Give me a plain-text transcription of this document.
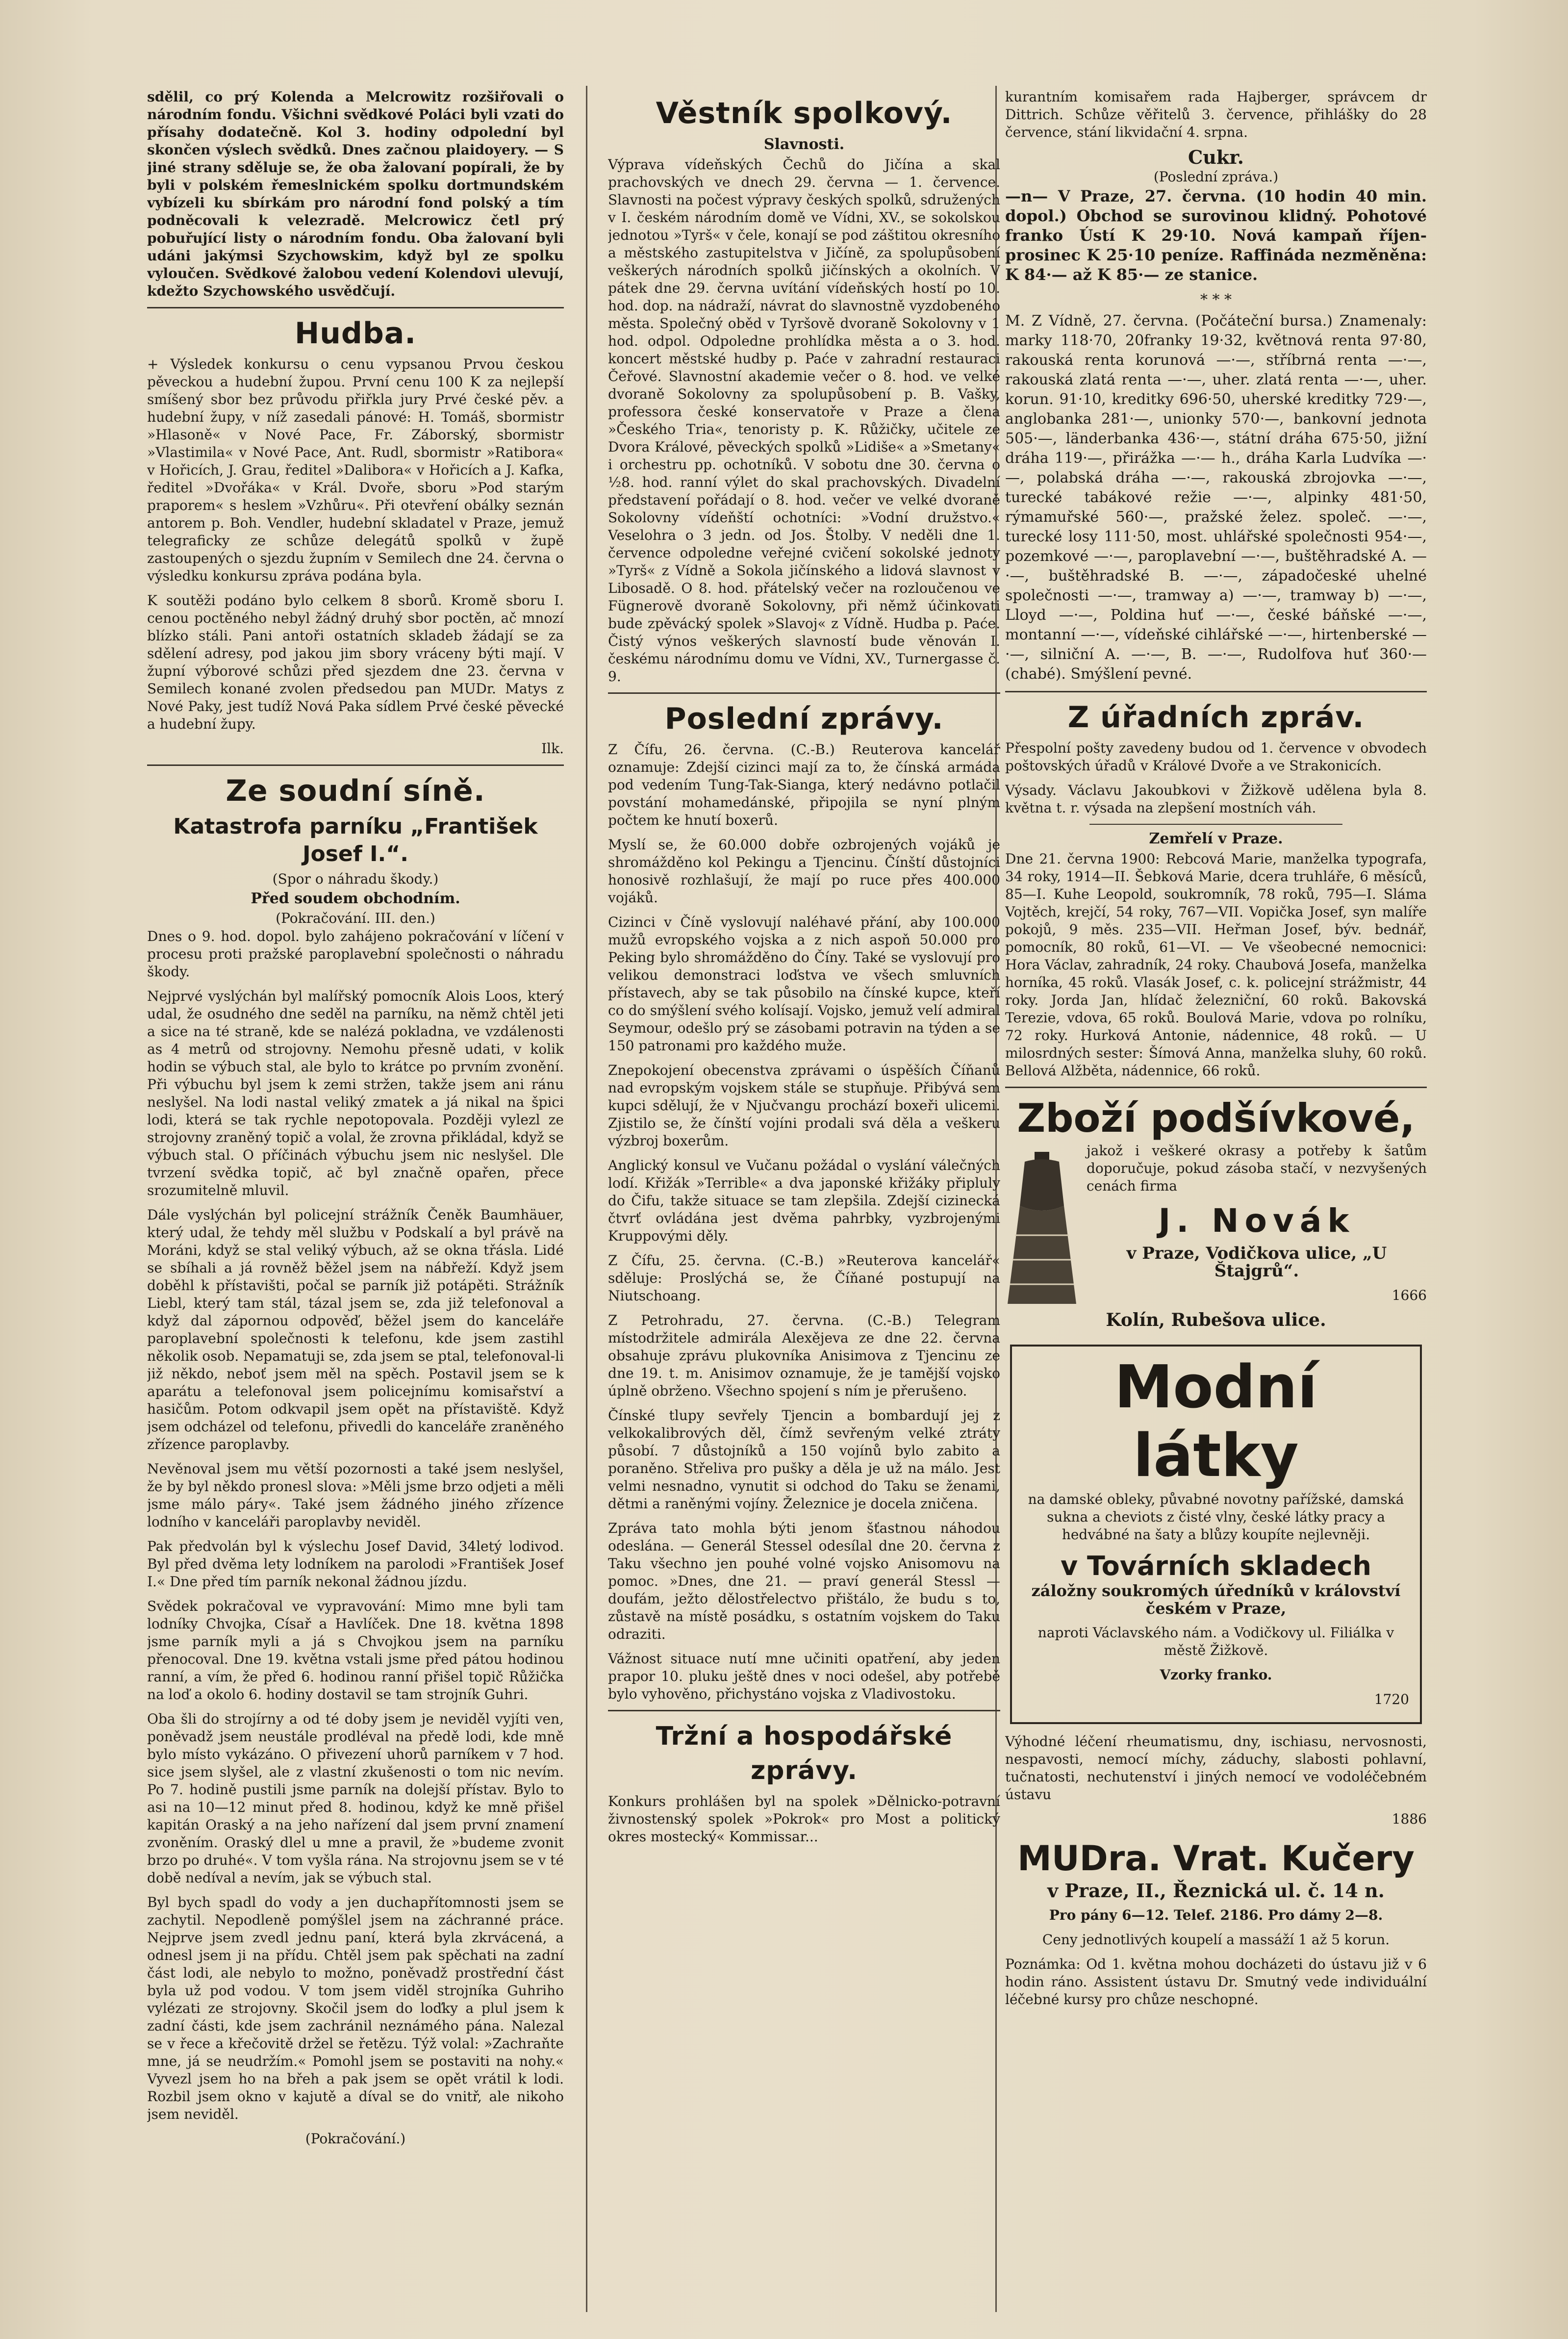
sdělil, co prý Kolenda a Melcrowitz rozšiřovali o národním fondu. Všichni svědkové Poláci byli vzati do přísahy dodatečně. Kol 3. hodiny odpolední byl skončen výslech svědků. Dnes začnou plaidoyery. — S jiné strany sděluje se, že oba žalovaní popírali, že by byli v polském řemeslnickém spolku dortmundském vybízeli ku sbírkám pro národní fond polský a tím podněcovali k velezradě. Melcrowicz četl prý pobuřující listy o národním fondu. Oba žalovaní byli udáni jakýmsi Szychowskim, když byl ze spolku vyloučen. Svědkové žalobou vedení Kolendovi ulevují, kdežto Szychowského usvědčují.

Hudba.

+ Výsledek konkursu o cenu vypsanou Prvou českou pěveckou a hudební župou. První cenu 100 K za nejlepší smíšený sbor bez průvodu přiřkla jury Prvé české pěv. a hudební župy, v níž zasedali pánové: H. Tomáš, sbormistr »Hlasoně« v Nové Pace, Fr. Záborský, sbormistr »Vlastimila« v Nové Pace, Ant. Rudl, sbormistr »Ratibora« v Hořicích, J. Grau, ředitel »Dalibora« v Hořicích a J. Kafka, ředitel »Dvořáka« v Král. Dvoře, sboru »Pod starým praporem« s heslem »Vzhůru«. Při otevření obálky seznán antorem p. Boh. Vendler, hudební skladatel v Praze, jemuž telegraficky ze schůze delegátů spolků v župě zastoupených o sjezdu župním v Semilech dne 24. června o výsledku konkursu zpráva podána byla.

K soutěži podáno bylo celkem 8 sborů. Kromě sboru I. cenou poctěného nebyl žádný druhý sbor poctěn, ač mnozí blízko stáli. Pani antoři ostatních skladeb žádají se za sdělení adresy, pod jakou jim sbory vráceny býti mají. V župní výborové schůzi před sjezdem dne 23. června v Semilech konané zvolen předsedou pan MUDr. Matys z Nové Paky, jest tudíž Nová Paka sídlem Prvé české pěvecké a hudební župy.

Ilk.

Ze soudní síně.
Katastrofa parníku „František Josef I.“.
(Spor o náhradu škody.)
Před soudem obchodním.
(Pokračování. III. den.)

Dnes o 9. hod. dopol. bylo zahájeno pokračování v líčení v procesu proti pražské paroplavební společnosti o náhradu škody.

Nejprvé vyslýchán byl malířský pomocník Alois Loos, který udal, že osudného dne seděl na parníku, na němž chtěl jeti a sice na té straně, kde se nalézá pokladna, ve vzdálenosti as 4 metrů od strojovny. Nemohu přesně udati, v kolik hodin se výbuch stal, ale bylo to krátce po prvním zvonění. Při výbuchu byl jsem k zemi stržen, takže jsem ani ránu neslyšel. Na lodi nastal veliký zmatek a já nikal na špici lodi, která se tak rychle nepotopovala. Později vylezl ze strojovny zraněný topič a volal, že zrovna přikládal, když se výbuch stal. O příčinách výbuchu jsem nic neslyšel. Dle tvrzení svědka topič, ač byl značně opařen, přece srozumitelně mluvil.

Dále vyslýchán byl policejní strážník Čeněk Baumhäuer, který udal, že tehdy měl službu v Podskalí a byl právě na Moráni, když se stal veliký výbuch, až se okna třásla. Lidé se sbíhali a já rovněž běžel jsem na nábřeží. Když jsem doběhl k přístavišti, počal se parník již potápěti. Strážník Liebl, který tam stál, tázal jsem se, zda již telefonoval a když dal zápornou odpověď, běžel jsem do kanceláře paroplavební společnosti k telefonu, kde jsem zastihl několik osob. Nepamatuji se, zda jsem se ptal, telefonoval-li již někdo, neboť jsem měl na spěch. Postavil jsem se k aparátu a telefonoval jsem policejnímu komisařství a hasičům. Potom odkvapil jsem opět na přístaviště. Když jsem odcházel od telefonu, přivedli do kanceláře zraněného zřízence paroplavby.

Nevěnoval jsem mu větší pozornosti a také jsem neslyšel, že by byl někdo pronesl slova: »Měli jsme brzo odjeti a měli jsme málo páry«. Také jsem žádného jiného zřízence lodního v kanceláři paroplavby neviděl.

Pak předvolán byl k výslechu Josef David, 34letý lodivod. Byl před dvěma lety lodníkem na parolodi »František Josef I.« Dne před tím parník nekonal žádnou jízdu.

Svědek pokračoval ve vypravování: Mimo mne byli tam lodníky Chvojka, Císař a Havlíček. Dne 18. května 1898 jsme parník myli a já s Chvojkou jsem na parníku přenocoval. Dne 19. května vstali jsme před pátou hodinou ranní, a vím, že před 6. hodinou ranní přišel topič Růžička na loď a okolo 6. hodiny dostavil se tam strojník Guhri.

Oba šli do strojírny a od té doby jsem je neviděl vyjíti ven, poněvadž jsem neustále prodléval na předě lodi, kde mně bylo místo vykázáno. O přivezení uhorů parníkem v 7 hod. sice jsem slyšel, ale z vlastní zkušenosti o tom nic nevím. Po 7. hodině pustili jsme parník na dolejší přístav. Bylo to asi na 10—12 minut před 8. hodinou, když ke mně přišel kapitán Oraský a na jeho nařízení dal jsem první znamení zvoněním. Oraský dlel u mne a pravil, že »budeme zvonit brzo po druhé«. V tom vyšla rána. Na strojovnu jsem se v té době nedíval a nevím, jak se výbuch stal.

Byl bych spadl do vody a jen duchapřítomnosti jsem se zachytil. Nepodleně pomýšlel jsem na záchranné práce. Nejprve jsem zvedl jednu paní, která byla zkrvácená, a odnesl jsem ji na přídu. Chtěl jsem pak spěchati na zadní část lodi, ale nebylo to možno, poněvadž prostřední část byla už pod vodou. V tom jsem viděl strojníka Guhriho vylézati ze strojovny. Skočil jsem do loďky a plul jsem k zadní části, kde jsem zachránil neznámého pána. Nalezal se v řece a křečovitě držel se řetězu. Týž volal: »Zachraňte mne, já se neudržím.« Pomohl jsem se postaviti na nohy.« Vyvezl jsem ho na břeh a pak jsem se opět vrátil k lodi. Rozbil jsem okno v kajutě a díval se do vnitř, ale nikoho jsem neviděl.

(Pokračování.)

Věstník spolkový.
Slavnosti.

Výprava vídeňských Čechů do Jičína a skal prachovských ve dnech 29. června — 1. července. Slavnosti na počest výpravy českých spolků, sdružených v I. českém národním domě ve Vídni, XV., se sokolskou jednotou »Tyrš« v čele, konají se pod záštitou okresního a městského zastupitelstva v Jičíně, za spolupůsobení veškerých národních spolků jičínských a okolních. V pátek dne 29. června uvítání vídeňských hostí po 10. hod. dop. na nádraží, návrat do slavnostně vyzdobeného města. Společný oběd v Tyršově dvoraně Sokolovny v 1 hod. odpol. Odpoledne prohlídka města a o 3. hod. koncert městské hudby p. Paće v zahradní restauraci Čeřové. Slavnostní akademie večer o 8. hod. ve velké dvoraně Sokolovny za spolupůsobení p. B. Vašky, professora české konservatoře v Praze a člena »Českého Tria«, tenoristy p. K. Růžičky, učitele ze Dvora Králové, pěveckých spolků »Lidiše« a »Smetany« i orchestru pp. ochotníků. V sobotu dne 30. června o ½8. hod. ranní výlet do skal prachovských. Divadelní představení pořádají o 8. hod. večer ve velké dvoraně Sokolovny vídeňští ochotníci: »Vodní družstvo.« Veselohra o 3 jedn. od Jos. Štolby. V neděli dne 1. července odpoledne veřejné cvičení sokolské jednoty »Tyrš« z Vídně a Sokola jičínského a lidová slavnost v Libosadě. O 8. hod. přátelský večer na rozloučenou ve Fügnerově dvoraně Sokolovny, při němž účinkovati bude zpěvácký spolek »Slavoj« z Vídně. Hudba p. Paće. Čistý výnos veškerých slavností bude věnován I. českému národnímu domu ve Vídni, XV., Turnergasse č. 9.

Poslední zprávy.

Z Čífu, 26. června. (C.-B.) Reuterova kancelář oznamuje: Zdejší cizinci mají za to, že čínská armáda pod vedením Tung-Tak-Sianga, který nedávno potlačil povstání mohamedánské, připojila se nyní plným počtem ke hnutí boxerů.

Myslí se, že 60.000 dobře ozbrojených vojáků je shromážděno kol Pekingu a Tjencinu. Čínští důstojníci honosivě rozhlašují, že mají po ruce přes 400.000 vojáků.

Cizinci v Číně vyslovují naléhavé přání, aby 100.000 mužů evropského vojska a z nich aspoň 50.000 pro Peking bylo shromážděno do Číny. Také se vyslovují pro velikou demonstraci loďstva ve všech smluvních přístavech, aby se tak působilo na čínské kupce, kteří co do smýšlení svého kolísají. Vojsko, jemuž velí admiral Seymour, odešlo prý se zásobami potravin na týden a se 150 patronami pro každého muže.

Znepokojení obecenstva zprávami o úspěších Číňanů nad evropským vojskem stále se stupňuje. Přibývá sem kupci sdělují, že v Njučvangu prochází boxeři ulicemi. Zjistilo se, že čínští vojíni prodali svá děla a veškeru výzbroj boxerům.

Anglický konsul ve Vučanu požádal o vyslání válečných lodí. Křižák »Terrible« a dva japonské křižáky připluly do Čifu, takže situace se tam zlepšila. Zdejší cizinecká čtvrť ovládána jest dvěma pahrbky, vyzbrojenými Kruppovými děly.

Z Čífu, 25. června. (C.-B.) »Reuterova kancelář« sděluje: Proslýchá se, že Číňané postupují na Niutschoang.

Z Petrohradu, 27. června. (C.-B.) Telegram místodržitele admirála Alexějeva ze dne 22. června obsahuje zprávu plukovníka Anisimova z Tjencinu ze dne 19. t. m. Anisimov oznamuje, že je tamější vojsko úplně obrženo. Všechno spojení s ním je přerušeno.

Čínské tlupy sevřely Tjencin a bombardují jej z velkokalibrových děl, čímž sevřeným velké ztráty působí. 7 důstojníků a 150 vojínů bylo zabito a poraněno. Střeliva pro pušky a děla je už na málo. Jest velmi nesnadno, vynutit si odchod do Taku se ženami, dětmi a raněnými vojíny. Železnice je docela zničena.

Zpráva tato mohla býti jenom šťastnou náhodou odeslána. — Generál Stessel odesílal dne 20. června z Taku všechno jen pouhé volné vojsko Anisomovu na pomoc. »Dnes, dne 21. — praví generál Stessl — doufám, ježto dělostřelectvo přištálo, že budu s to, zůstavě na místě posádku, s ostatním vojskem do Taku odraziti.

Vážnost situace nutí mne učiniti opatření, aby jeden prapor 10. pluku ještě dnes v noci odešel, aby potřebě bylo vyhověno, přichystáno vojska z Vladivostoku.

Tržní a hospodářské zprávy.

Konkurs prohlášen byl na spolek »Dělnicko-potravní živnostenský spolek »Pokrok« pro Most a politický okres mostecký« Kommissar...

kurantním komisařem rada Hajberger, správcem dr Dittrich. Schůze věřitelů 3. července, přihlášky do 28 července, stání likvidační 4. srpna.

Cukr.
(Poslední zpráva.)

—n— V Praze, 27. června. (10 hodin 40 min. dopol.) Obchod se surovinou klidný. Pohotové franko Ústí K 29·10. Nová kampaň říjen-prosinec K 25·10 peníze. Raffináda nezměněna: K 84·— až K 85·— ze stanice.

* * *

M. Z Vídně, 27. června. (Počáteční bursa.) Znamenaly: marky 118·70, 20franky 19·32, květnová renta 97·80, rakouská renta korunová —·—, stříbrná renta —·—, rakouská zlatá renta —·—, uher. zlatá renta —·—, uher. korun. 91·10, kreditky 696·50, uherské kreditky 729·—, anglobanka 281·—, unionky 570·—, bankovní jednota 505·—, länderbanka 436·—, státní dráha 675·50, jižní dráha 119·—, přirážka —·— h., dráha Karla Ludvíka —·—, polabská dráha —·—, rakouská zbrojovka —·—, turecké tabákové režie —·—, alpinky 481·50, rýmamuřské 560·—, pražské želez. společ. —·—, turecké losy 111·50, most. uhlářské společnosti 954·—, pozemkové —·—, paroplavební —·—, buštěhradské A. —·—, buštěhradské B. —·—, západočeské uhelné společnosti —·—, tramway a) —·—, tramway b) —·—, Lloyd —·—, Poldina huť —·—, české báňské —·—, montanní —·—, vídeňské cihlářské —·—, hirtenberské —·—, silniční A. —·—, B. —·—, Rudolfova huť 360·— (chabé). Smýšlení pevné.

Z úřadních zpráv.

Přespolní pošty zavedeny budou od 1. července v obvodech poštovských úřadů v Králové Dvoře a ve Strakonicích.

Výsady. Václavu Jakoubkovi v Žižkově udělena byla 8. května t. r. výsada na zlepšení mostních váh.

Zemřelí v Praze.

Dne 21. června 1900: Rebcová Marie, manželka typografa, 34 roky, 1914—II. Šebková Marie, dcera truhláře, 6 měsíců, 85—I. Kuhe Leopold, soukromník, 78 roků, 795—I. Sláma Vojtěch, krejčí, 54 roky, 767—VII. Vopička Josef, syn malíře pokojů, 9 měs. 235—VII. Heřman Josef, býv. bednář, pomocník, 80 roků, 61—VI. — Ve všeobecné nemocnici: Hora Václav, zahradník, 24 roky. Chaubová Josefa, manželka horníka, 45 roků. Vlasák Josef, c. k. policejní strážmistr, 44 roky. Jorda Jan, hlídač železniční, 60 roků. Bakovská Terezie, vdova, 65 roků. Boulová Marie, vdova po rolníku, 72 roky. Hurková Antonie, nádennice, 48 roků. — U milosrdných sester: Šímová Anna, manželka sluhy, 60 roků. Bellová Alžběta, nádennice, 66 roků.

Zboží podšívkové,

jakož i veškeré okrasy a potřeby k šatům doporučuje, pokud zásoba stačí, v nezvyšených cenách firma

J. Novák

v Praze, Vodičkova ulice, „U Štajgrů“.

1666

Kolín, Rubešova ulice.

Modní látky

na damské obleky, půvabné novotny pařížské, damská sukna a cheviots z čisté vlny, české látky pracy a hedvábné na šaty a blůzy koupíte nejlevněji.

v Továrních skladech

záložny soukromých úředníků v království českém v Praze,

naproti Václavského nám. a Vodičkovy ul. Filiálka v městě Žižkově.

Vzorky franko.

1720

Výhodné léčení rheumatismu, dny, ischiasu, nervosnosti, nespavosti, nemocí míchy, záduchy, slabosti pohlavní, tučnatosti, nechutenství i jiných nemocí ve vodoléčebném ústavu

1886

MUDra. Vrat. Kučery

v Praze, II., Řeznická ul. č. 14 n.

Pro pány 6—12. Telef. 2186. Pro dámy 2—8.

Ceny jednotlivých koupelí a massáží 1 až 5 korun.

Poznámka: Od 1. května mohou docházeti do ústavu již v 6 hodin ráno. Assistent ústavu Dr. Smutný vede individuální léčebné kursy pro chůze neschopné.
